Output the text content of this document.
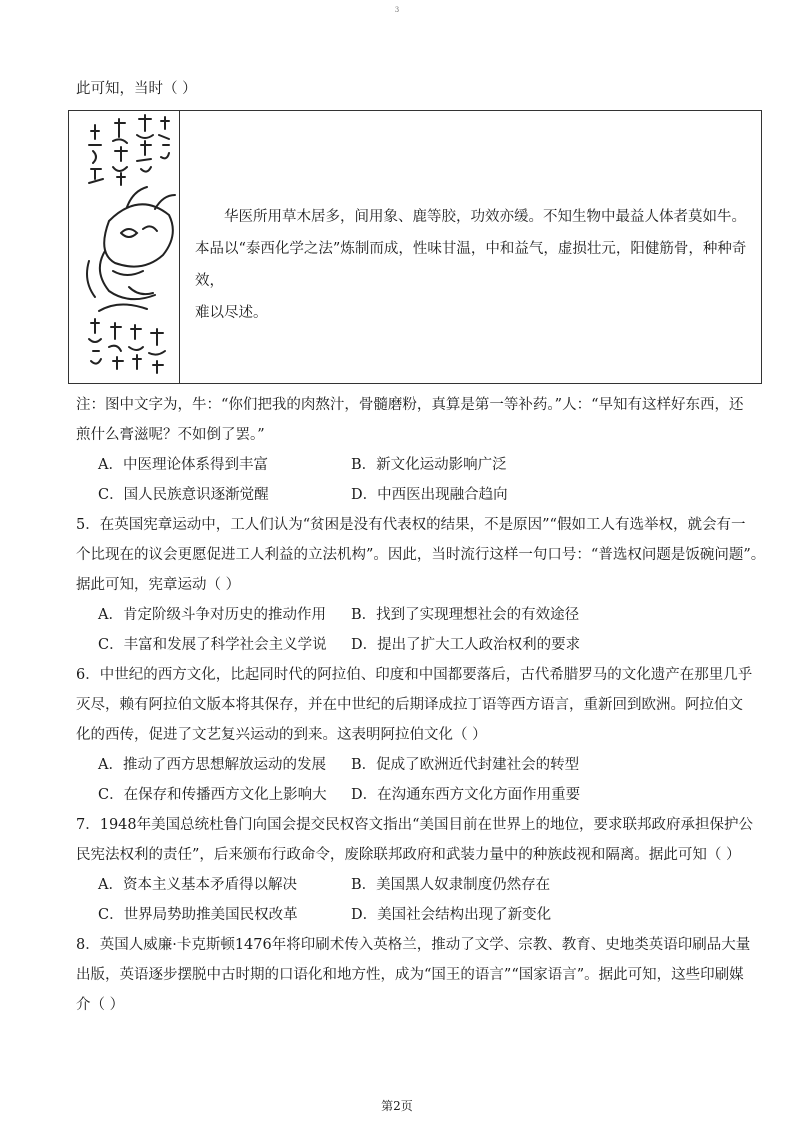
3
此可知，当时（ ）

华医所用草木居多，间用象、鹿等胶，功效亦缓。不知生物中最益人体者莫如牛。

本品以“泰西化学之法”炼制而成，性味甘温，中和益气，虚损壮元，阳健筋骨，种种奇效，

难以尽述。

注：图中文字为，牛：“你们把我的肉熬汁，骨髓磨粉，真算是第一等补药。”人：“早知有这样好东西，还
煎什么膏滋呢？不如倒了罢。”
A．中医理论体系得到丰富	B．新文化运动影响广泛
C．国人民族意识逐渐觉醒	D．中西医出现融合趋向
5．在英国宪章运动中，工人们认为“贫困是没有代表权的结果，不是原因”“假如工人有选举权，就会有一
个比现在的议会更愿促进工人利益的立法机构”。因此，当时流行这样一句口号：“普选权问题是饭碗问题”。
据此可知，宪章运动（ ）
A．肯定阶级斗争对历史的推动作用	B．找到了实现理想社会的有效途径
C．丰富和发展了科学社会主义学说	D．提出了扩大工人政治权利的要求
6．中世纪的西方文化，比起同时代的阿拉伯、印度和中国都要落后，古代希腊罗马的文化遗产在那里几乎
灭尽，赖有阿拉伯文版本将其保存，并在中世纪的后期译成拉丁语等西方语言，重新回到欧洲。阿拉伯文
化的西传，促进了文艺复兴运动的到来。这表明阿拉伯文化（ ）
A．推动了西方思想解放运动的发展	B．促成了欧洲近代封建社会的转型
C．在保存和传播西方文化上影响大	D．在沟通东西方文化方面作用重要
7．1948年美国总统杜鲁门向国会提交民权咨文指出“美国目前在世界上的地位，要求联邦政府承担保护公
民宪法权利的责任”，后来颁布行政命令，废除联邦政府和武装力量中的种族歧视和隔离。据此可知（ ）
A．资本主义基本矛盾得以解决	B．美国黑人奴隶制度仍然存在
C．世界局势助推美国民权改革	D．美国社会结构出现了新变化
8．英国人威廉·卡克斯顿1476年将印刷术传入英格兰，推动了文学、宗教、教育、史地类英语印刷品大量
出版，英语逐步摆脱中古时期的口语化和地方性，成为“国王的语言”“国家语言”。据此可知，这些印刷媒
介（ ）
第2页
